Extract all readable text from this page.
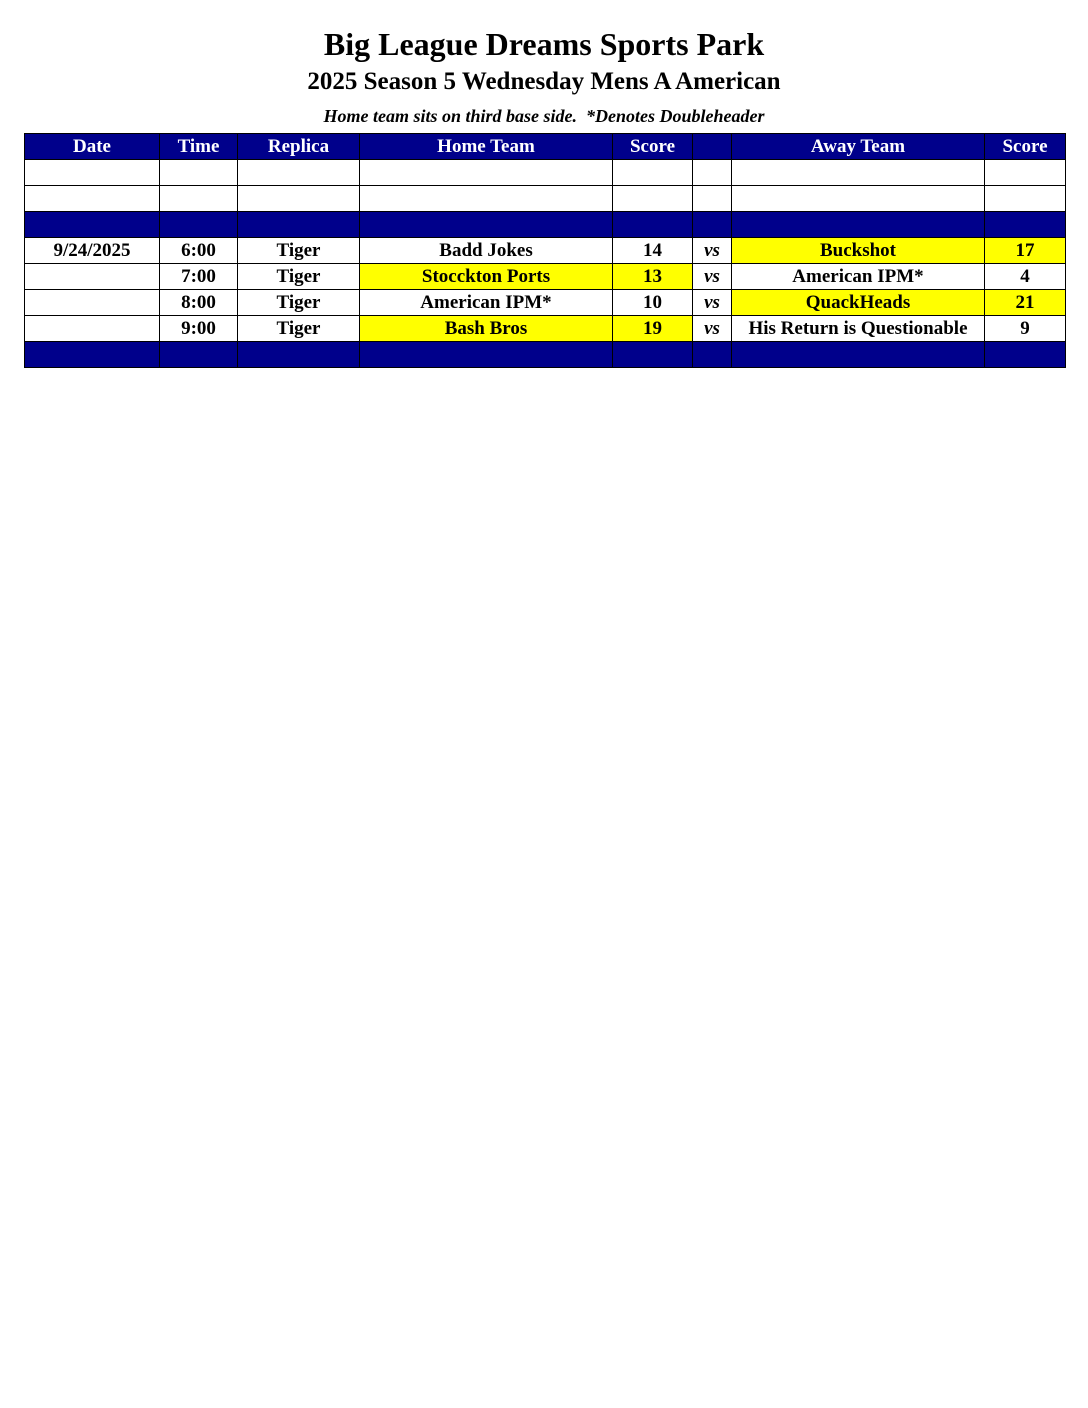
Big League Dreams Sports Park
2025 Season 5 Wednesday Mens A American
Home team sits on third base side.  *Denotes Doubleheader
Date	Time	Replica	Home Team	Score		Away Team	Score

9/24/2025	6:00	Tiger	Badd Jokes	14	vs	Buckshot	17
	7:00	Tiger	Stocckton Ports	13	vs	American IPM*	4
	8:00	Tiger	American IPM*	10	vs	QuackHeads	21
	9:00	Tiger	Bash Bros	19	vs	His Return is Questionable	9
